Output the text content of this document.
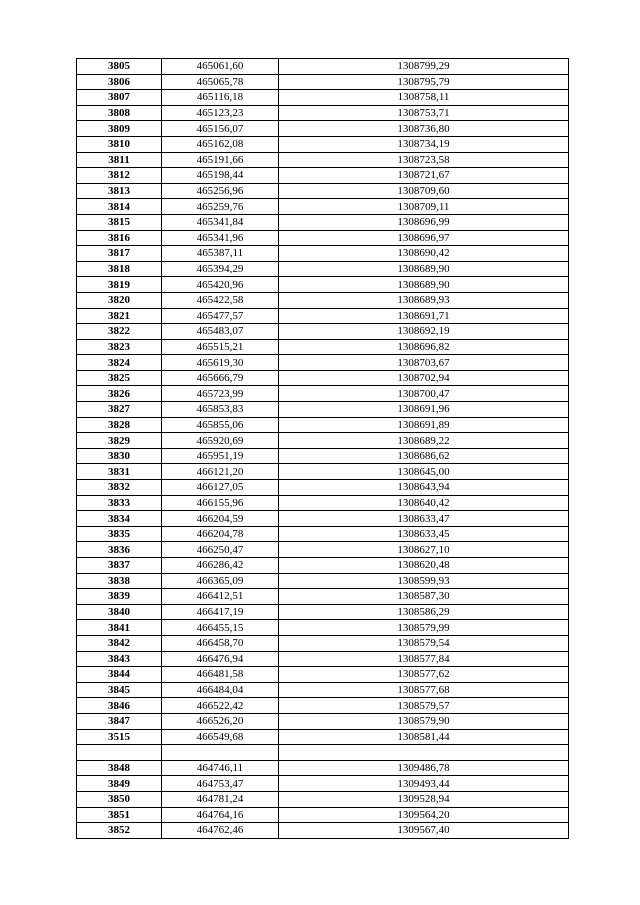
3805	465061,60	1308799,29
3806	465065,78	1308795,79
3807	465116,18	1308758,11
3808	465123,23	1308753,71
3809	465156,07	1308736,80
3810	465162,08	1308734,19
3811	465191,66	1308723,58
3812	465198,44	1308721,67
3813	465256,96	1308709,60
3814	465259,76	1308709,11
3815	465341,84	1308696,99
3816	465341,96	1308696,97
3817	465387,11	1308690,42
3818	465394,29	1308689,90
3819	465420,96	1308689,90
3820	465422,58	1308689,93
3821	465477,57	1308691,71
3822	465483,07	1308692,19
3823	465515,21	1308696,82
3824	465619,30	1308703,67
3825	465666,79	1308702,94
3826	465723,99	1308700,47
3827	465853,83	1308691,96
3828	465855,06	1308691,89
3829	465920,69	1308689,22
3830	465951,19	1308686,62
3831	466121,20	1308645,00
3832	466127,05	1308643,94
3833	466155,96	1308640,42
3834	466204,59	1308633,47
3835	466204,78	1308633,45
3836	466250,47	1308627,10
3837	466286,42	1308620,48
3838	466365,09	1308599,93
3839	466412,51	1308587,30
3840	466417,19	1308586,29
3841	466455,15	1308579,99
3842	466458,70	1308579,54
3843	466476,94	1308577,84
3844	466481,58	1308577,62
3845	466484,04	1308577,68
3846	466522,42	1308579,57
3847	466526,20	1308579,90
3515	466549,68	1308581,44

3848	464746,11	1309486,78
3849	464753,47	1309493,44
3850	464781,24	1309528,94
3851	464764,16	1309564,20
3852	464762,46	1309567,40
